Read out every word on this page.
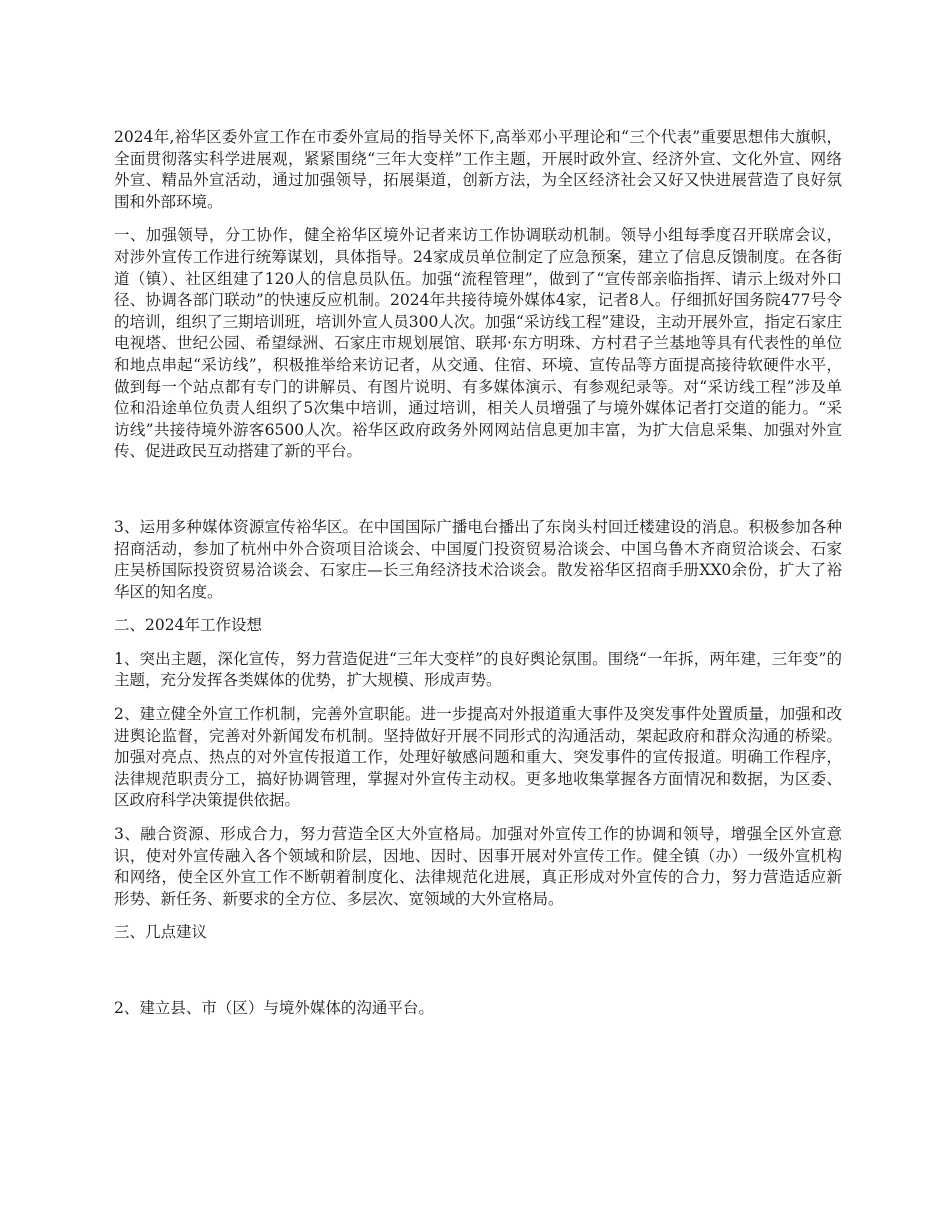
2024年,裕华区委外宣工作在市委外宣局的指导关怀下,高举邓小平理论和“三个代表”重要思想伟大旗帜，全面贯彻落实科学进展观，紧紧围绕“三年大变样”工作主题，开展时政外宣、经济外宣、文化外宣、网络外宣、精品外宣活动，通过加强领导，拓展渠道，创新方法，为全区经济社会又好又快进展营造了良好氛围和外部环境。

一、加强领导，分工协作，健全裕华区境外记者来访工作协调联动机制。领导小组每季度召开联席会议，对涉外宣传工作进行统筹谋划，具体指导。24家成员单位制定了应急预案，建立了信息反馈制度。在各街道（镇）、社区组建了120人的信息员队伍。加强“流程管理”，做到了“宣传部亲临指挥、请示上级对外口径、协调各部门联动”的快速反应机制。2024年共接待境外媒体4家，记者8人。仔细抓好国务院477号令的培训，组织了三期培训班，培训外宣人员300人次。加强“采访线工程”建设，主动开展外宣，指定石家庄电视塔、世纪公园、希望绿洲、石家庄市规划展馆、联邦·东方明珠、方村君子兰基地等具有代表性的单位和地点串起“采访线”，积极推举给来访记者，从交通、住宿、环境、宣传品等方面提高接待软硬件水平，做到每一个站点都有专门的讲解员、有图片说明、有多媒体演示、有参观纪录等。对“采访线工程”涉及单位和沿途单位负责人组织了5次集中培训，通过培训，相关人员增强了与境外媒体记者打交道的能力。“采访线”共接待境外游客6500人次。裕华区政府政务外网网站信息更加丰富，为扩大信息采集、加强对外宣传、促进政民互动搭建了新的平台。

3、运用多种媒体资源宣传裕华区。在中国国际广播电台播出了东岗头村回迁楼建设的消息。积极参加各种招商活动，参加了杭州中外合资项目洽谈会、中国厦门投资贸易洽谈会、中国乌鲁木齐商贸洽谈会、石家庄吴桥国际投资贸易洽谈会、石家庄—长三角经济技术洽谈会。散发裕华区招商手册XX0余份，扩大了裕华区的知名度。

二、2024年工作设想

1、突出主题，深化宣传，努力营造促进“三年大变样”的良好舆论氛围。围绕“一年拆，两年建，三年变”的主题，充分发挥各类媒体的优势，扩大规模、形成声势。

2、建立健全外宣工作机制，完善外宣职能。进一步提高对外报道重大事件及突发事件处置质量，加强和改进舆论监督，完善对外新闻发布机制。坚持做好开展不同形式的沟通活动，架起政府和群众沟通的桥梁。加强对亮点、热点的对外宣传报道工作，处理好敏感问题和重大、突发事件的宣传报道。明确工作程序，法律规范职责分工，搞好协调管理，掌握对外宣传主动权。更多地收集掌握各方面情况和数据，为区委、区政府科学决策提供依据。

3、融合资源、形成合力，努力营造全区大外宣格局。加强对外宣传工作的协调和领导，增强全区外宣意识，使对外宣传融入各个领域和阶层，因地、因时、因事开展对外宣传工作。健全镇（办）一级外宣机构和网络，使全区外宣工作不断朝着制度化、法律规范化进展，真正形成对外宣传的合力，努力营造适应新形势、新任务、新要求的全方位、多层次、宽领域的大外宣格局。

三、几点建议

2、建立县、市（区）与境外媒体的沟通平台。
